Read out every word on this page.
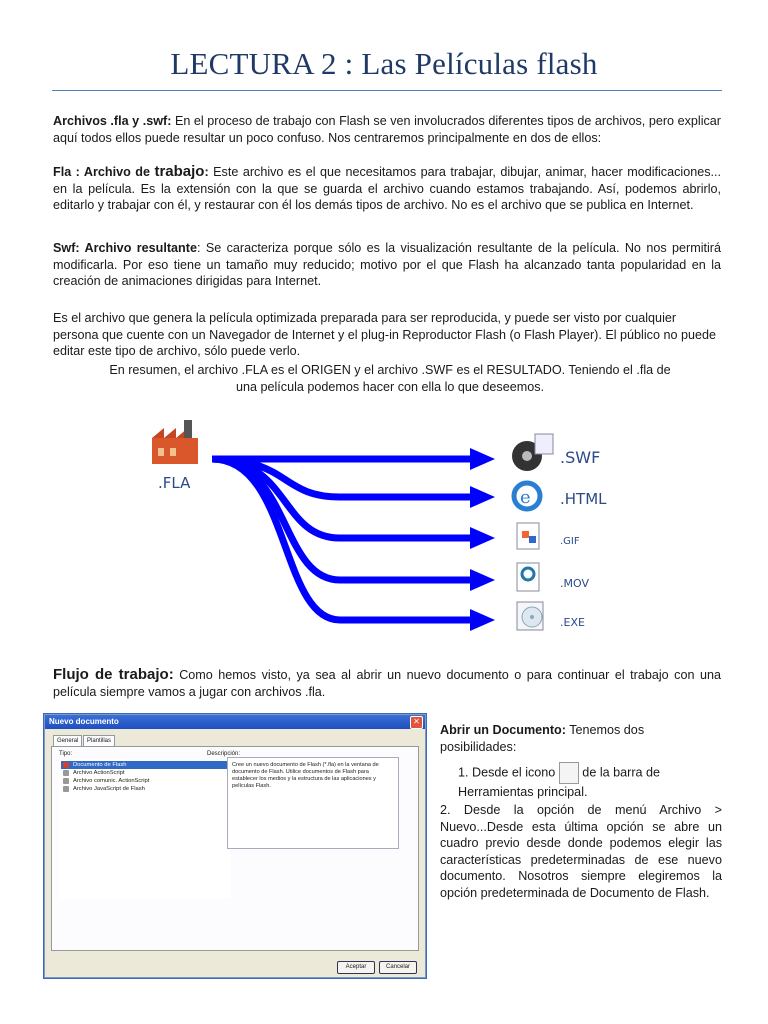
LECTURA 2 : Las Películas flash
Archivos .fla y .swf: En el proceso de trabajo con Flash se ven involucrados diferentes tipos de archivos, pero explicar aquí todos ellos puede resultar un poco confuso. Nos centraremos principalmente en dos de ellos:
Fla : Archivo de trabajo: Este archivo es el que necesitamos para trabajar, dibujar, animar, hacer modificaciones... en la película. Es la extensión con la que se guarda el archivo cuando estamos trabajando. Así, podemos abrirlo, editarlo y trabajar con él, y restaurar con él los demás tipos de archivo. No es el archivo que se publica en Internet.
Swf: Archivo resultante: Se caracteriza porque sólo es la visualización resultante de la película. No nos permitirá modificarla. Por eso tiene un tamaño muy reducido; motivo por el que Flash ha alcanzado tanta popularidad en la creación de animaciones dirigidas para Internet.
Es el archivo que genera la película optimizada preparada para ser reproducida, y puede ser visto por cualquier persona que cuente con un Navegador de Internet y el plug-in Reproductor Flash (o Flash Player). El público no puede editar este tipo de archivo, sólo puede verlo.
En resumen, el archivo .FLA es el ORIGEN y el archivo .SWF es el RESULTADO. Teniendo el .fla de una película podemos hacer con ella lo que deseemos.
.FLA
e
.SWF
.HTML
.GIF
.MOV
.EXE
Flujo de trabajo: Como hemos visto, ya sea al abrir un nuevo documento o para continuar el trabajo con una película siempre vamos a jugar con archivos .fla.
Nuevo documento	✕
General	Plantillas
Tipo:	Descripción:
Documento de Flash
Archivo ActionScript
Archivo comunic. ActionScript
Archivo JavaScript de Flash
Cree un nuevo documento de Flash (*.fla) en la ventana de documento de Flash. Utilice documentos de Flash para establecer los medios y la estructura de las aplicaciones y películas Flash.
Aceptar	Cancelar
Abrir un Documento: Tenemos dos posibilidades:
1. Desde el icono  de la barra de Herramientas principal.
2. Desde la opción de menú Archivo > Nuevo...Desde esta última opción se abre un cuadro previo desde donde podemos elegir las características predeterminadas de ese nuevo documento. Nosotros siempre elegiremos la opción predeterminada de Documento de Flash.
